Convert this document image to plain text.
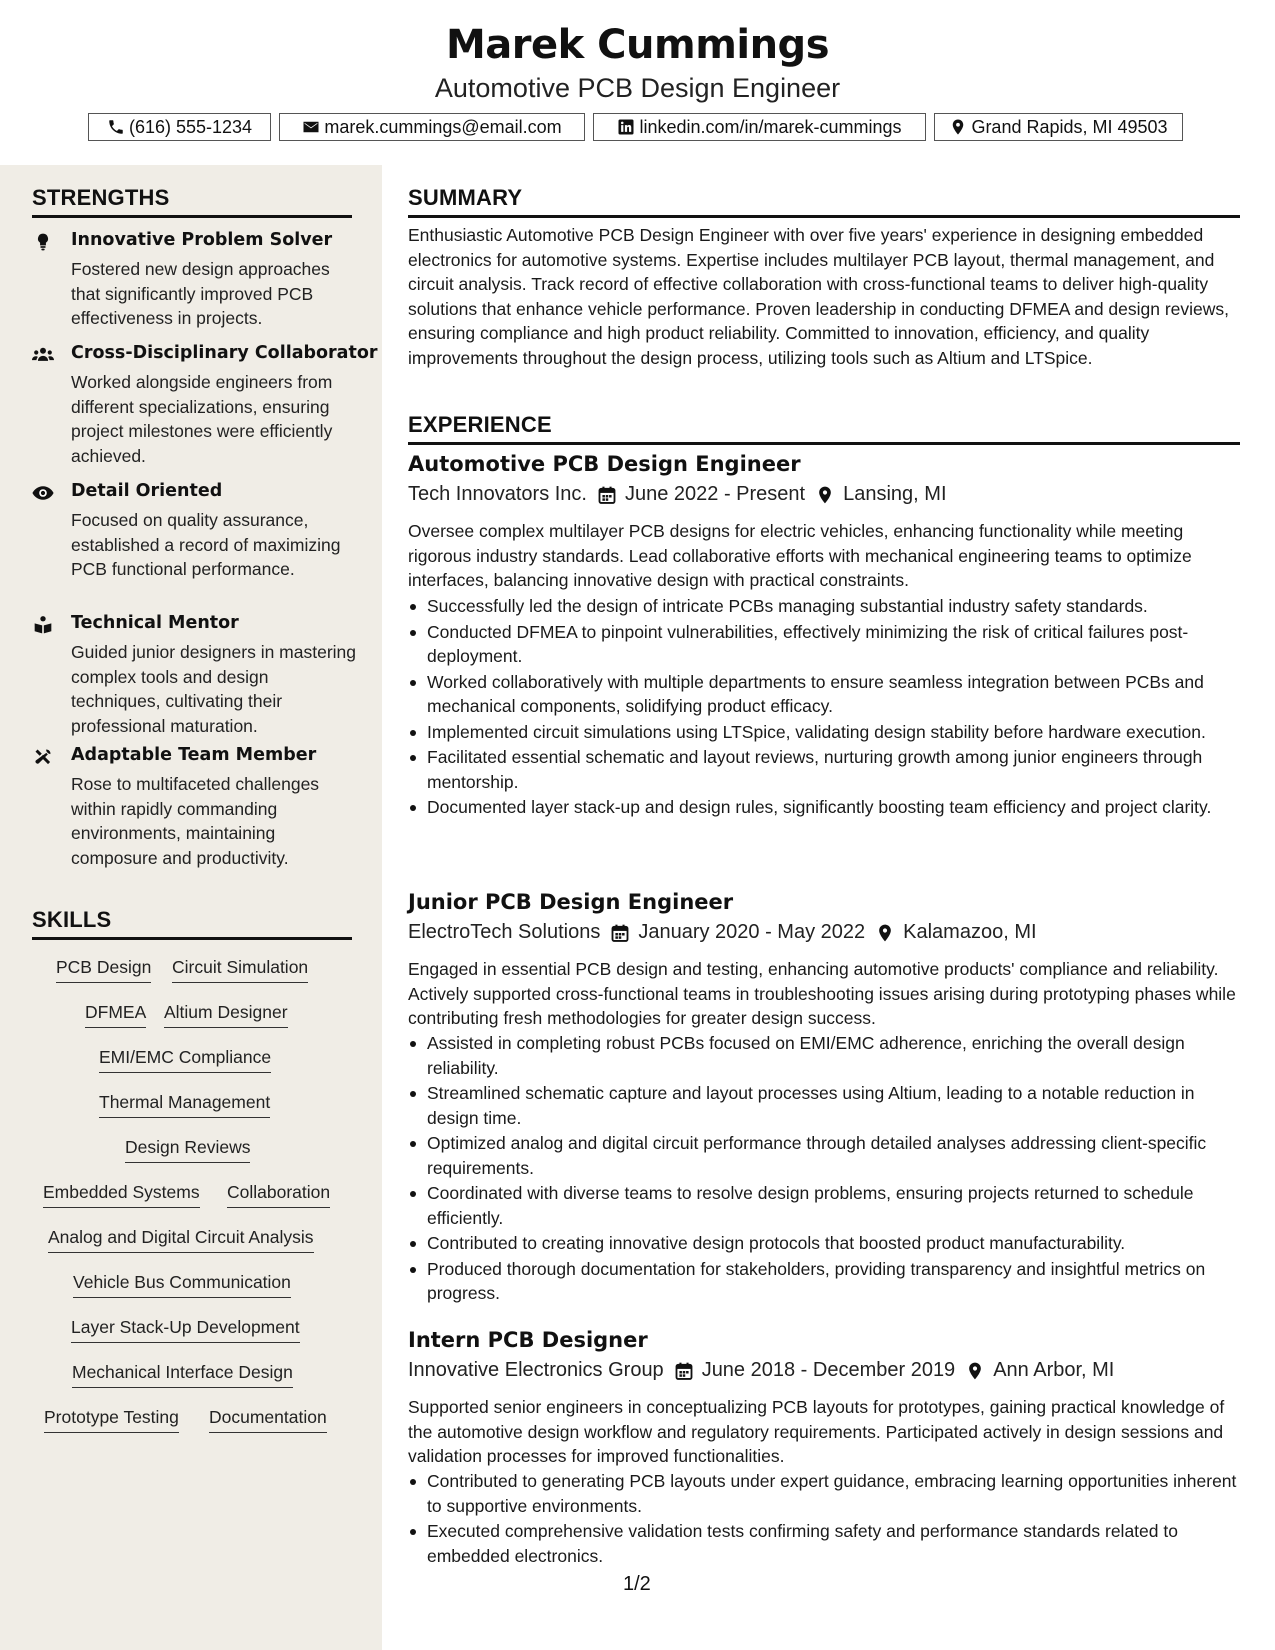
Marek Cummings
Automotive PCB Design Engineer
(616) 555-1234	marek.cummings@email.com	linkedin.com/in/marek-cummings	Grand Rapids, MI 49503
STRENGTHS
Innovative Problem Solver
Fostered new design approaches that significantly improved PCB effectiveness in projects.
Cross-Disciplinary Collaborator
Worked alongside engineers from different specializations, ensuring project milestones were efficiently achieved.
Detail Oriented
Focused on quality assurance, established a record of maximizing PCB functional performance.
Technical Mentor
Guided junior designers in mastering complex tools and design techniques, cultivating their professional maturation.
Adaptable Team Member
Rose to multifaceted challenges within rapidly commanding environments, maintaining composure and productivity.
SKILLS
PCB Design Circuit Simulation
DFMEA Altium Designer
EMI/EMC Compliance
Thermal Management
Design Reviews
Embedded Systems Collaboration
Analog and Digital Circuit Analysis
Vehicle Bus Communication
Layer Stack-Up Development
Mechanical Interface Design
Prototype Testing Documentation
SUMMARY
Enthusiastic Automotive PCB Design Engineer with over five years' experience in designing embedded electronics for automotive systems. Expertise includes multilayer PCB layout, thermal management, and circuit analysis. Track record of effective collaboration with cross-functional teams to deliver high-quality solutions that enhance vehicle performance. Proven leadership in conducting DFMEA and design reviews, ensuring compliance and high product reliability. Committed to innovation, efficiency, and quality improvements throughout the design process, utilizing tools such as Altium and LTSpice.
EXPERIENCE
Automotive PCB Design Engineer
Tech Innovators Inc. June 2022 - Present Lansing, MI
Oversee complex multilayer PCB designs for electric vehicles, enhancing functionality while meeting rigorous industry standards. Lead collaborative efforts with mechanical engineering teams to optimize interfaces, balancing innovative design with practical constraints.
Successfully led the design of intricate PCBs managing substantial industry safety standards.
Conducted DFMEA to pinpoint vulnerabilities, effectively minimizing the risk of critical failures post-deployment.
Worked collaboratively with multiple departments to ensure seamless integration between PCBs and mechanical components, solidifying product efficacy.
Implemented circuit simulations using LTSpice, validating design stability before hardware execution.
Facilitated essential schematic and layout reviews, nurturing growth among junior engineers through mentorship.
Documented layer stack-up and design rules, significantly boosting team efficiency and project clarity.
Junior PCB Design Engineer
ElectroTech Solutions January 2020 - May 2022 Kalamazoo, MI
Engaged in essential PCB design and testing, enhancing automotive products' compliance and reliability. Actively supported cross-functional teams in troubleshooting issues arising during prototyping phases while contributing fresh methodologies for greater design success.
Assisted in completing robust PCBs focused on EMI/EMC adherence, enriching the overall design reliability.
Streamlined schematic capture and layout processes using Altium, leading to a notable reduction in design time.
Optimized analog and digital circuit performance through detailed analyses addressing client-specific requirements.
Coordinated with diverse teams to resolve design problems, ensuring projects returned to schedule efficiently.
Contributed to creating innovative design protocols that boosted product manufacturability.
Produced thorough documentation for stakeholders, providing transparency and insightful metrics on progress.
Intern PCB Designer
Innovative Electronics Group June 2018 - December 2019 Ann Arbor, MI
Supported senior engineers in conceptualizing PCB layouts for prototypes, gaining practical knowledge of the automotive design workflow and regulatory requirements. Participated actively in design sessions and validation processes for improved functionalities.
Contributed to generating PCB layouts under expert guidance, embracing learning opportunities inherent to supportive environments.
Executed comprehensive validation tests confirming safety and performance standards related to embedded electronics.
1/2
